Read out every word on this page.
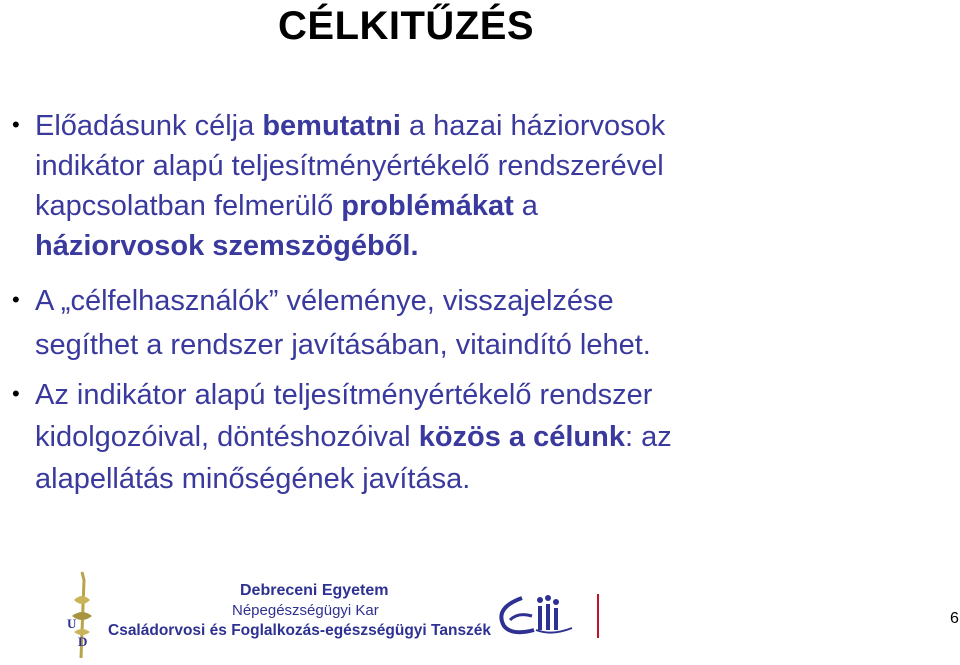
CÉLKITŰZÉS
• Előadásunk célja bemutatni a hazai háziorvosok
indikátor alapú teljesítményértékelő rendszerével
kapcsolatban felmerülő problémákat a
háziorvosok szemszögéből.
• A „célfelhasználók” véleménye, visszajelzése
segíthet a rendszer javításában, vitaindító lehet.
• Az indikátor alapú teljesítményértékelő rendszer
kidolgozóival, döntéshozóival közös a célunk: az
alapellátás minőségének javítása.
U
D
Debreceni Egyetem
Népegészségügyi Kar
Családorvosi és Foglalkozás-egészségügyi Tanszék
6
